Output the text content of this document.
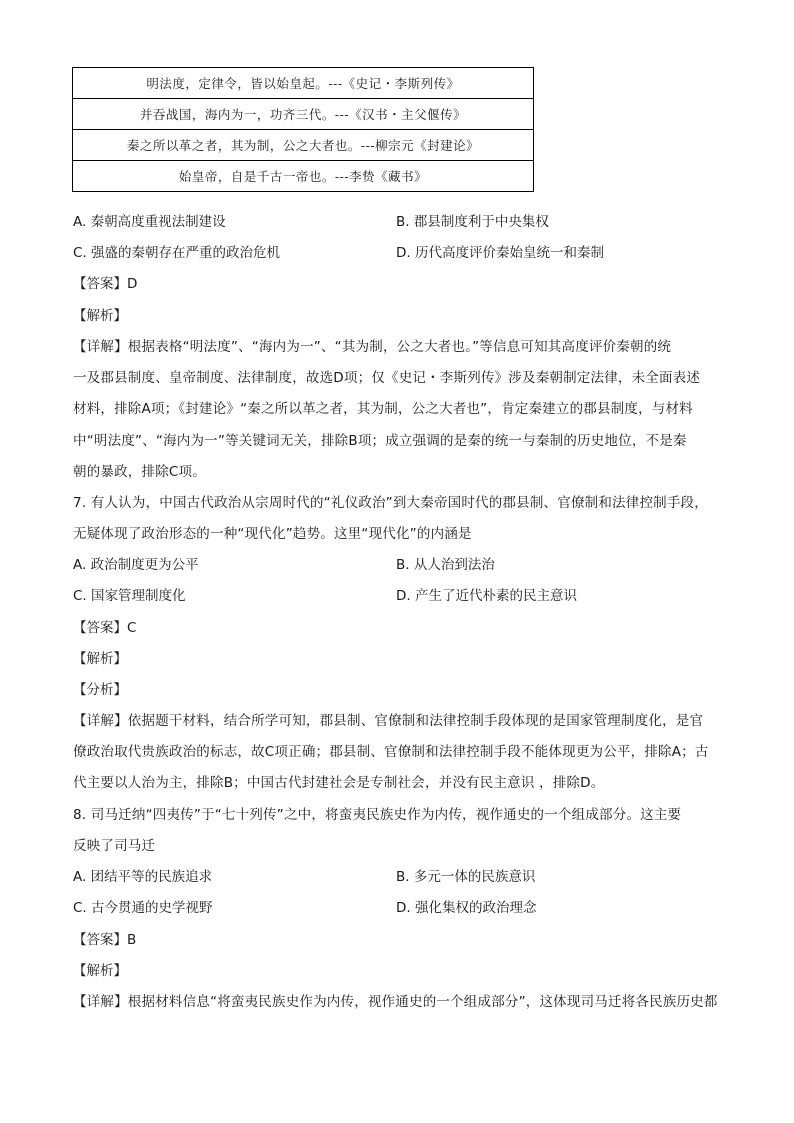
明法度，定律令，皆以始皇起。---《史记・李斯列传》
并吞战国，海内为一，功齐三代。---《汉书・主父偃传》
秦之所以革之者，其为制，公之大者也。---柳宗元《封建论》
始皇帝，自是千古一帝也。---李贽《藏书》
A. 秦朝高度重视法制建设	B. 郡县制度利于中央集权
C. 强盛的秦朝存在严重的政治危机	D. 历代高度评价秦始皇统一和秦制
【答案】D
【解析】
【详解】根据表格“明法度”、“海内为一”、“其为制，公之大者也。”等信息可知其高度评价秦朝的统
一及郡县制度、皇帝制度、法律制度，故选D项；仅《史记・李斯列传》涉及秦朝制定法律，未全面表述
材料，排除A项；《封建论》“秦之所以革之者，其为制，公之大者也”，肯定秦建立的郡县制度，与材料
中“明法度”、“海内为一”等关键词无关，排除B项；成立强调的是秦的统一与秦制的历史地位，不是秦
朝的暴政，排除C项。
7. 有人认为，中国古代政治从宗周时代的“礼仪政治”到大秦帝国时代的郡县制、官僚制和法律控制手段，
无疑体现了政治形态的一种“现代化”趋势。这里“现代化”的内涵是
A. 政治制度更为公平	B. 从人治到法治
C. 国家管理制度化	D. 产生了近代朴素的民主意识
【答案】C
【解析】
【分析】
【详解】依据题干材料，结合所学可知，郡县制、官僚制和法律控制手段体现的是国家管理制度化，是官
僚政治取代贵族政治的标志，故C项正确；郡县制、官僚制和法律控制手段不能体现更为公平，排除A；古
代主要以人治为主，排除B；中国古代封建社会是专制社会，并没有民主意识 ，排除D。
8. 司马迁纳“四夷传”于“七十列传”之中，将蛮夷民族史作为内传，视作通史的一个组成部分。这主要
反映了司马迁
A. 团结平等的民族追求	B. 多元一体的民族意识
C. 古今贯通的史学视野	D. 强化集权的政治理念
【答案】B
【解析】
【详解】根据材料信息“将蛮夷民族史作为内传，视作通史的一个组成部分”，这体现司马迁将各民族历史都
